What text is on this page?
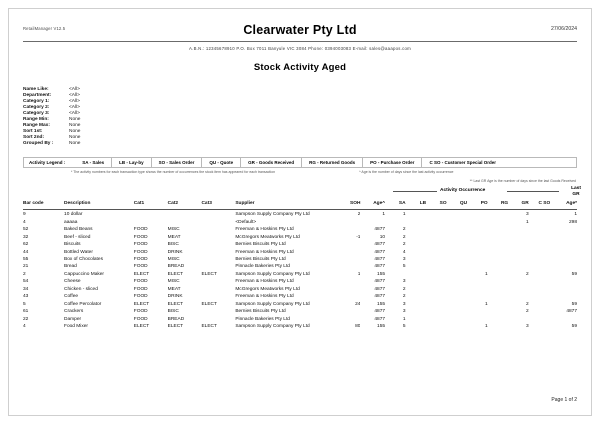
RetailManager V12.5	Clearwater Pty Ltd	27/06/2024
A.B.N.: 12345678910 P.O. Box 7011 Banyule VIC 3084 Phone: 0394003083 E-mail: sales@aaapos.com
Stock Activity Aged
Name Like:	<All>
Department:	<All>
Category 1:	<All>
Category 2:	<All>
Category 3:	<All>
Range Min:	None
Range Max:	None
Sort 1st:	None
Sort 2nd:	None
Grouped By :	None
Activity Legend :	SA - Sales	LB - Lay-by	SO - Sales Order	QU - Quote	GR - Goods Received	RG - Returned Goods	PO - Purchase Order	C SO - Customer Special Order
* The activity numbers for each transaction type shows the number of occurrences the stock item has appeared for each transaction	^ Age is the number of days since the last activity occurrence
** Last GR Age is the number of days since the last Goods Received
Activity Occurrence	Last
GR
Bar code	Description	Cat1	Cat2	Cat3	Supplier	SOH	Age^	SA	LB	SO	QU	PO	RG	GR	C SO	Age*
9	10 dollar				Sampson Supply Company Pty Ltd	2	1	1						3		1
4	aaaaa				<Default>									1		298
52	Baked Beans	FOOD	MISC		Freeman & Hoskins Pty Ltd		4877	2								
32	Beef - sliced	FOOD	MEAT		McGregors Meatworks Pty Ltd	-1	10	2								
62	Biscuits	FOOD	BISC		Bernies Biscuits Pty Ltd		4877	2								
44	Bottled Water	FOOD	DRINK		Freeman & Hoskins Pty Ltd		4877	4								
55	Box of Chocolates	FOOD	MISC		Bernies Biscuits Pty Ltd		4877	3								
21	Bread	FOOD	BREAD		Pinnacle Bakeries Pty Ltd		4877	5								
2	Cappuccino Maker	ELECT	ELECT	ELECT	Sampson Supply Company Pty Ltd	1	155					1		2		59
54	Cheese	FOOD	MISC		Freeman & Hoskins Pty Ltd		4877	3								
34	Chicken - sliced	FOOD	MEAT		McGregors Meatworks Pty Ltd		4877	2								
43	Coffee	FOOD	DRINK		Freeman & Hoskins Pty Ltd		4877	2								
5	Coffee Percolator	ELECT	ELECT	ELECT	Sampson Supply Company Pty Ltd	24	155	3				1		2		59
61	Crackers	FOOD	BISC		Bernies Biscuits Pty Ltd		4877	3						2		4877
22	Damper	FOOD	BREAD		Pinnacle Bakeries Pty Ltd		4877	1								
4	Food Mixer	ELECT	ELECT	ELECT	Sampson Supply Company Pty Ltd	80	155	5				1		3		59
Page 1 of 2
